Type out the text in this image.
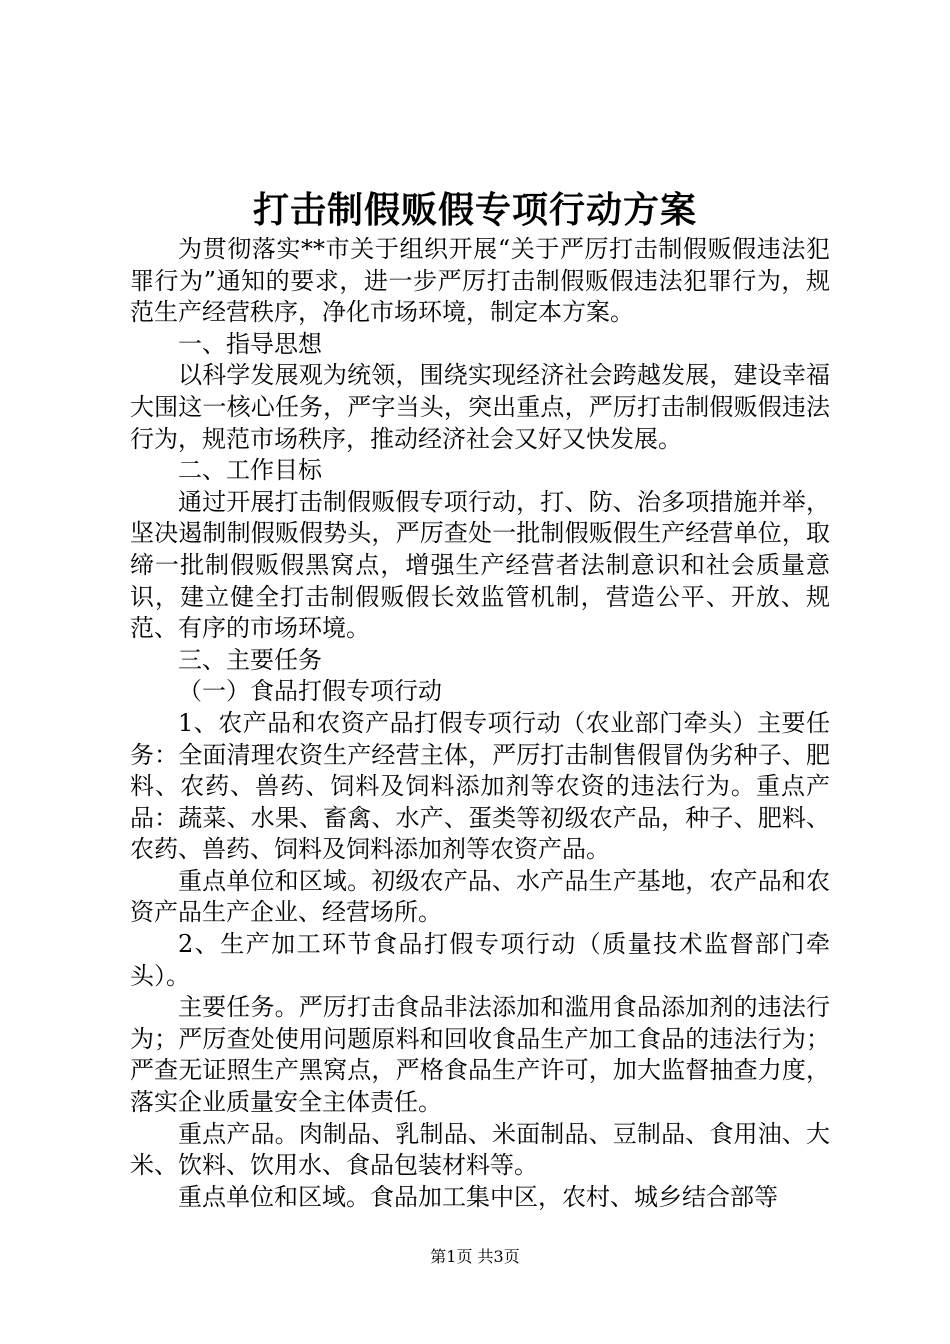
打击制假贩假专项行动方案

为贯彻落实**市关于组织开展“关于严厉打击制假贩假违法犯罪行为”通知的要求，进一步严厉打击制假贩假违法犯罪行为，规范生产经营秩序，净化市场环境，制定本方案。

一、指导思想

以科学发展观为统领，围绕实现经济社会跨越发展，建设幸福大围这一核心任务，严字当头，突出重点，严厉打击制假贩假违法行为，规范市场秩序，推动经济社会又好又快发展。

二、工作目标

通过开展打击制假贩假专项行动，打、防、治多项措施并举，坚决遏制制假贩假势头，严厉查处一批制假贩假生产经营单位，取缔一批制假贩假黑窝点，增强生产经营者法制意识和社会质量意识，建立健全打击制假贩假长效监管机制，营造公平、开放、规范、有序的市场环境。

三、主要任务

（一）食品打假专项行动

1、农产品和农资产品打假专项行动（农业部门牵头）主要任务：全面清理农资生产经营主体，严厉打击制售假冒伪劣种子、肥料、农药、兽药、饲料及饲料添加剂等农资的违法行为。重点产品：蔬菜、水果、畜禽、水产、蛋类等初级农产品，种子、肥料、农药、兽药、饲料及饲料添加剂等农资产品。

重点单位和区域。初级农产品、水产品生产基地，农产品和农资产品生产企业、经营场所。

2、生产加工环节食品打假专项行动（质量技术监督部门牵头）。

主要任务。严厉打击食品非法添加和滥用食品添加剂的违法行为；严厉查处使用问题原料和回收食品生产加工食品的违法行为；严查无证照生产黑窝点，严格食品生产许可，加大监督抽查力度，落实企业质量安全主体责任。

重点产品。肉制品、乳制品、米面制品、豆制品、食用油、大米、饮料、饮用水、食品包装材料等。

重点单位和区域。食品加工集中区，农村、城乡结合部等

第1页 共3页
